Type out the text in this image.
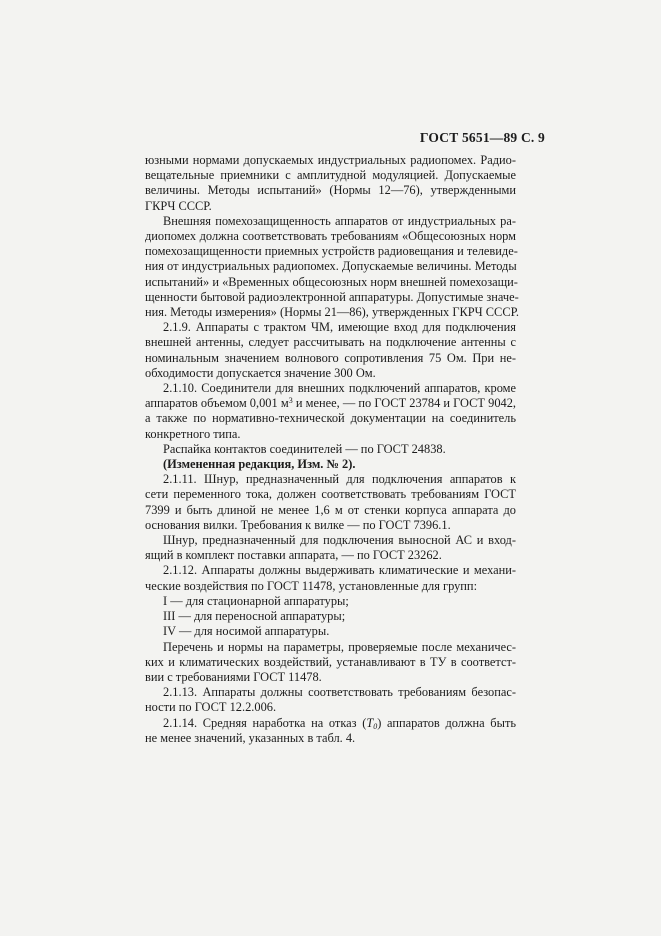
ГОСТ 5651—89 С. 9
юзными нормами допускаемых индустриальных радиопомех. Радио-
вещательные приемники с амплитудной модуляцией. Допускаемые
величины. Методы испытаний» (Нормы 12—76), утвержденными
ГКРЧ СССР.
Внешняя помехозащищенность аппаратов от индустриальных ра-
диопомех должна соответствовать требованиям «Общесоюзных норм
помехозащищенности приемных устройств радиовещания и телевиде-
ния от индустриальных радиопомех. Допускаемые величины. Методы
испытаний» и «Временных общесоюзных норм внешней помехозащи-
щенности бытовой радиоэлектронной аппаратуры. Допустимые значе-
ния. Методы измерения» (Нормы 21—86), утвержденных ГКРЧ СССР.
2.1.9. Аппараты с трактом ЧМ, имеющие вход для подключения
внешней антенны, следует рассчитывать на подключение антенны с
номинальным значением волнового сопротивления 75 Ом. При не-
обходимости допускается значение 300 Ом.
2.1.10. Соединители для внешних подключений аппаратов, кроме
аппаратов объемом 0,001 $м^3$ и менее, — по ГОСТ 23784 и ГОСТ 9042,
а также по нормативно-технической документации на соединитель
конкретного типа.
Распайка контактов соединителей — по ГОСТ 24838.
(Измененная редакция, Изм. № 2).
2.1.11. Шнур, предназначенный для подключения аппаратов к
сети переменного тока, должен соответствовать требованиям ГОСТ
7399 и быть длиной не менее 1,6 м от стенки корпуса аппарата до
основания вилки. Требования к вилке — по ГОСТ 7396.1.
Шнур, предназначенный для подключения выносной АС и вход-
ящий в комплект поставки аппарата, — по ГОСТ 23262.
2.1.12. Аппараты должны выдерживать климатические и механи-
ческие воздействия по ГОСТ 11478, установленные для групп:
I — для стационарной аппаратуры;
III — для переносной аппаратуры;
IV — для носимой аппаратуры.
Перечень и нормы на параметры, проверяемые после механичес-
ких и климатических воздействий, устанавливают в ТУ в соответст-
вии с требованиями ГОСТ 11478.
2.1.13. Аппараты должны соответствовать требованиям безопас-
ности по ГОСТ 12.2.006.
2.1.14. Средняя наработка на отказ $(T_0)$ аппаратов должна быть
не менее значений, указанных в табл. 4.
